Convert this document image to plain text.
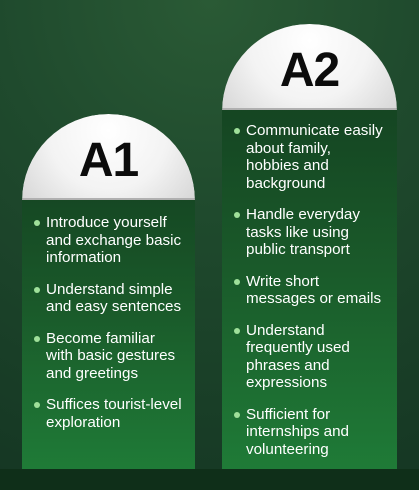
A1
Introduce yourself and exchange basic information
Understand simple and easy sentences
Become familiar with basic gestures and greetings
Suffices tourist-level exploration
A2
Communicate easily about family, hobbies and background
Handle everyday tasks like using public transport
Write short messages or emails
Understand frequently used phrases and expressions
Sufficient for internships and volunteering
